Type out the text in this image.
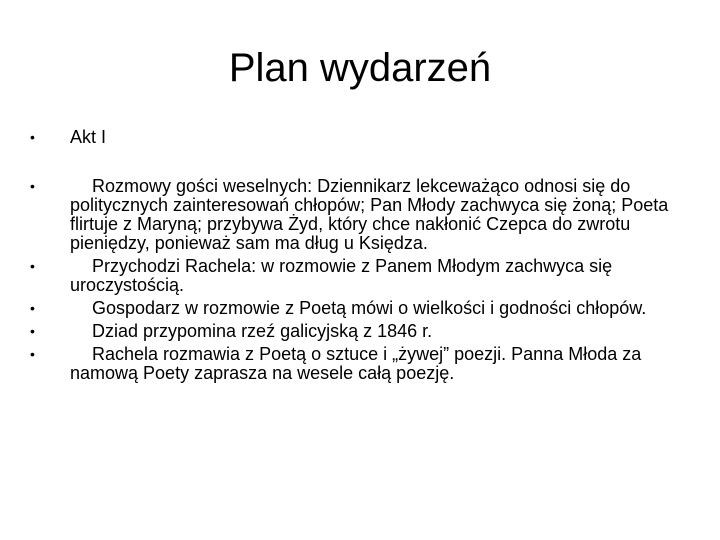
Plan wydarzeń
•	Akt I
•	Rozmowy gości weselnych: Dziennikarz lekceważąco odnosi się do politycznych zainteresowań chłopów; Pan Młody zachwyca się żoną; Poeta flirtuje z Maryną; przybywa Żyd, który chce nakłonić Czepca do zwrotu pieniędzy, ponieważ sam ma dług u Księdza.
•	Przychodzi Rachela: w rozmowie z Panem Młodym zachwyca się uroczystością.
•	Gospodarz w rozmowie z Poetą mówi o wielkości i godności chłopów.
•	Dziad przypomina rzeź galicyjską z 1846 r.
•	Rachela rozmawia z Poetą o sztuce i „żywej” poezji. Panna Młoda za namową Poety zaprasza na wesele całą poezję.
